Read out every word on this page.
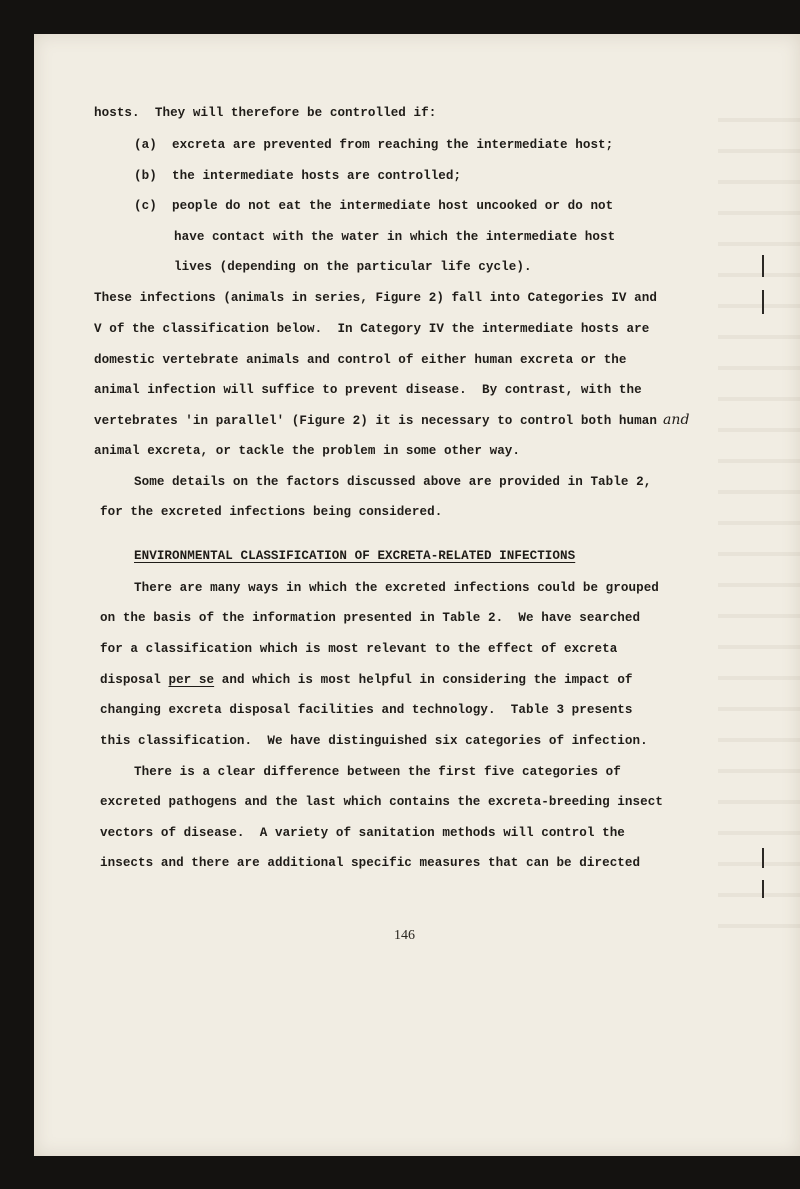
hosts.  They will therefore be controlled if:
(a)  excreta are prevented from reaching the intermediate host;
(b)  the intermediate hosts are controlled;
(c)  people do not eat the intermediate host uncooked or do not
have contact with the water in which the intermediate host
lives (depending on the particular life cycle).
These infections (animals in series, Figure 2) fall into Categories IV and
V of the classification below.  In Category IV the intermediate hosts are
domestic vertebrate animals and control of either human excreta or the
animal infection will suffice to prevent disease.  By contrast, with the
vertebrates 'in parallel' (Figure 2) it is necessary to control both human and
animal excreta, or tackle the problem in some other way.
Some details on the factors discussed above are provided in Table 2,
for the excreted infections being considered.
ENVIRONMENTAL CLASSIFICATION OF EXCRETA-RELATED INFECTIONS
There are many ways in which the excreted infections could be grouped
on the basis of the information presented in Table 2.  We have searched
for a classification which is most relevant to the effect of excreta
disposal per se and which is most helpful in considering the impact of
changing excreta disposal facilities and technology.  Table 3 presents
this classification.  We have distinguished six categories of infection.
There is a clear difference between the first five categories of
excreted pathogens and the last which contains the excreta-breeding insect
vectors of disease.  A variety of sanitation methods will control the
insects and there are additional specific measures that can be directed
146
